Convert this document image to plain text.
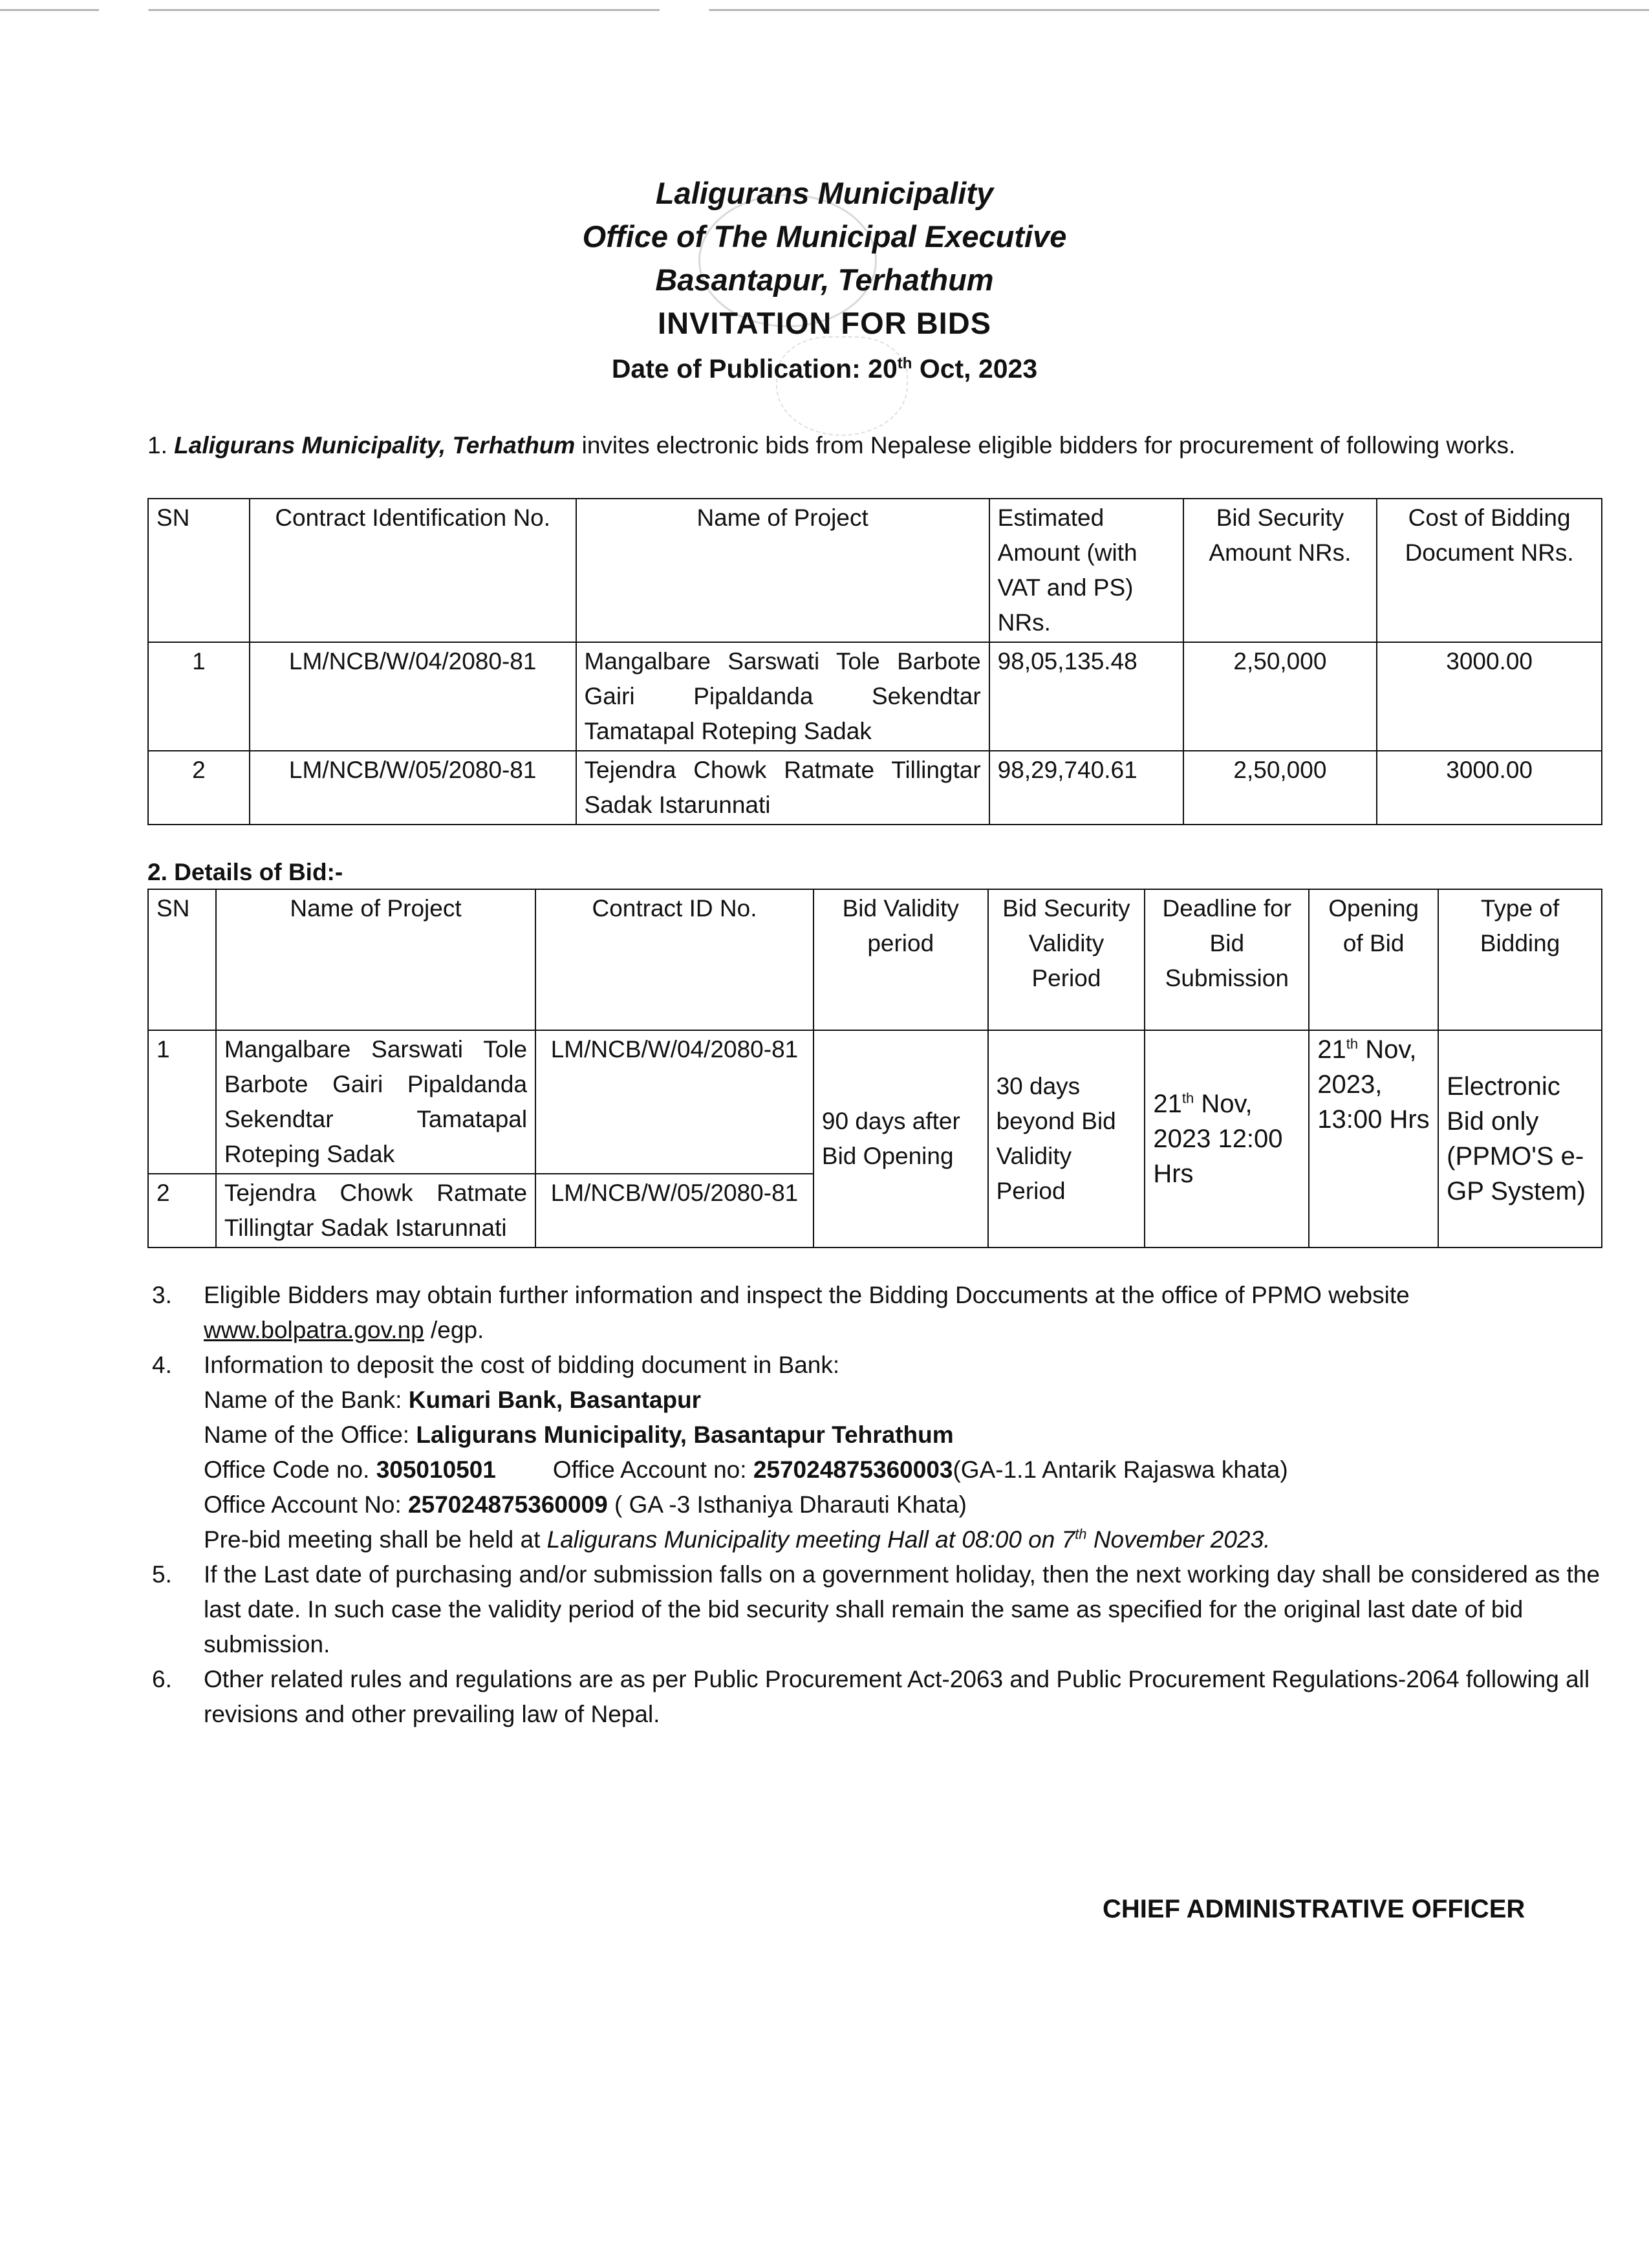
Laligurans Municipality
Office of The Municipal Executive
Basantapur, Terhathum
INVITATION FOR BIDS
Date of Publication: 20th Oct, 2023
1. Laligurans Municipality, Terhathum invites electronic bids from Nepalese eligible bidders for procurement of following works.
SN	Contract Identification No.	Name of Project	Estimated Amount (with VAT and PS) NRs.	Bid Security Amount NRs.	Cost of Bidding Document NRs.
1	LM/NCB/W/04/2080-81	Mangalbare Sarswati Tole Barbote Gairi Pipaldanda Sekendtar Tamatapal Roteping Sadak	98,05,135.48	2,50,000	3000.00
2	LM/NCB/W/05/2080-81	Tejendra Chowk Ratmate Tillingtar Sadak Istarunnati	98,29,740.61	2,50,000	3000.00
2. Details of Bid:-
SN	Name of Project	Contract ID No.	Bid Validity period	Bid Security Validity Period	Deadline for Bid Submission	Opening of Bid	Type of Bidding
1	Mangalbare Sarswati Tole Barbote Gairi Pipaldanda Sekendtar Tamatapal Roteping Sadak	LM/NCB/W/04/2080-81	90 days after Bid Opening	30 days beyond Bid Validity Period	21th Nov, 2023 12:00 Hrs	21th Nov, 2023, 13:00 Hrs	Electronic Bid only (PPMO'S e-GP System)
2	Tejendra Chowk Ratmate Tillingtar Sadak Istarunnati	LM/NCB/W/05/2080-81					
3. Eligible Bidders may obtain further information and inspect the Bidding Doccuments at the office of PPMO website www.bolpatra.gov.np /egp.
4. Information to deposit the cost of bidding document in Bank:
Name of the Bank: Kumari Bank, Basantapur
Name of the Office: Laligurans Municipality, Basantapur Tehrathum
Office Code no. 305010501 Office Account no: 257024875360003(GA-1.1 Antarik Rajaswa khata)
Office Account No: 257024875360009 ( GA -3 Isthaniya Dharauti Khata)
Pre-bid meeting shall be held at Laligurans Municipality meeting Hall at 08:00 on 7th November 2023.
5. If the Last date of purchasing and/or submission falls on a government holiday, then the next working day shall be considered as the last date. In such case the validity period of the bid security shall remain the same as specified for the original last date of bid submission.
6. Other related rules and regulations are as per Public Procurement Act-2063 and Public Procurement Regulations-2064 following all revisions and other prevailing law of Nepal.
CHIEF ADMINISTRATIVE OFFICER
